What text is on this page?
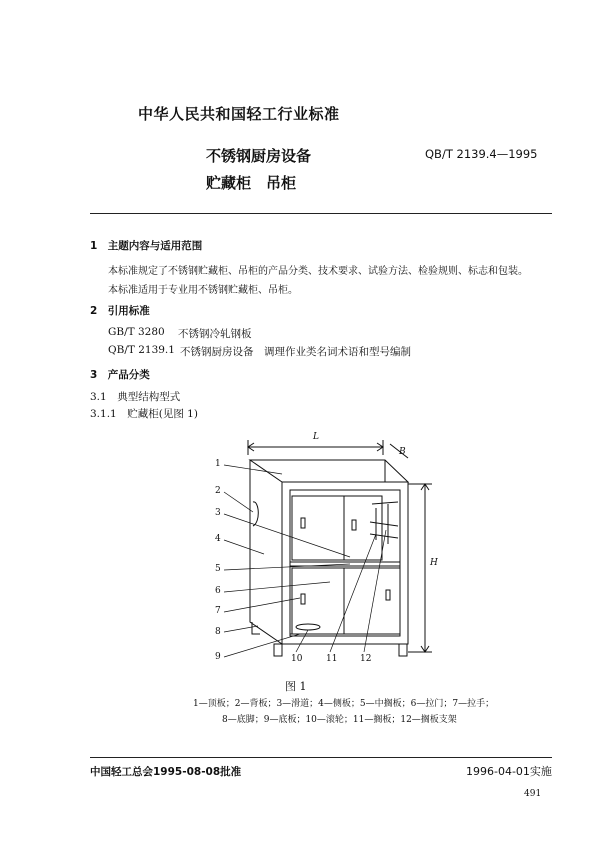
中华人民共和国轻工行业标准
不锈钢厨房设备
贮藏柜　吊柜
QB/T 2139.4—1995
1　主题内容与适用范围
本标准规定了不锈钢贮藏柜、吊柜的产品分类、技术要求、试验方法、检验规则、标志和包装。
本标准适用于专业用不锈钢贮藏柜、吊柜。
2　引用标准
GB/T 3280 不锈钢冷轧钢板
QB/T 2139.1 不锈钢厨房设备　调理作业类名词术语和型号编制
3　产品分类
3.1　典型结构型式
3.1.1　贮藏柜(见图 1)
L
B
H
1
2
3
4
5
6
7
8
9	10	11	12
图 1
1—顶板；2—背板；3—滑道；4—侧板；5—中搁板；6—拉门；7—拉手；
8—底脚；9—底板；10—滚轮；11—搁板；12—搁板支架
中国轻工总会1995-08-08批准	1996-04-01实施
491
